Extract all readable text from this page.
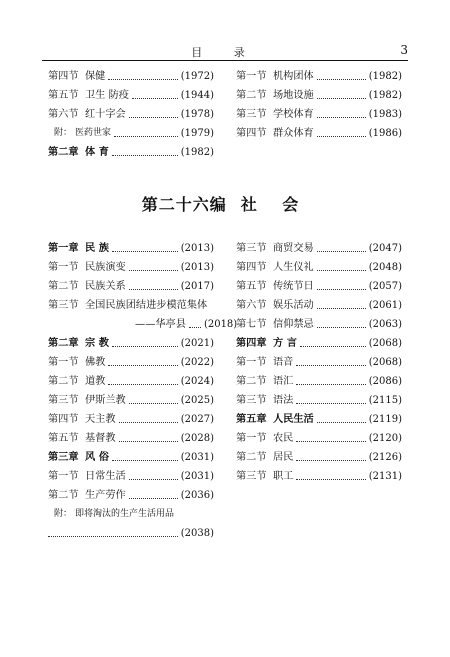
目 录	3
第四节 保健	(1972)
第五节 卫生 防疫	(1944)
第六节 红十字会	(1978)
附： 医药世家	(1979)
第二章 体 育	(1982)
第一节 机构团体	(1982)
第二节 场地设施	(1982)
第三节 学校体育	(1983)
第四节 群众体育	(1986)
第二十六编 社 会
第一章 民 族	(2013)
第一节 民族演变	(2013)
第二节 民族关系	(2017)
第三节 全国民族团结进步模范集体
——华亭县	(2018)
第二章 宗 教	(2021)
第一节 佛教	(2022)
第二节 道教	(2024)
第三节 伊斯兰教	(2025)
第四节 天主教	(2027)
第五节 基督教	(2028)
第三章 风 俗	(2031)
第一节 日常生活	(2031)
第二节 生产劳作	(2036)
附： 即将淘汰的生产生活用品
(2038)
第三节 商贸交易	(2047)
第四节 人生仪礼	(2048)
第五节 传统节日	(2057)
第六节 娱乐活动	(2061)
第七节 信仰禁忌	(2063)
第四章 方 言	(2068)
第一节 语音	(2068)
第二节 语汇	(2086)
第三节 语法	(2115)
第五章 人民生活	(2119)
第一节 农民	(2120)
第二节 居民	(2126)
第三节 职工	(2131)
